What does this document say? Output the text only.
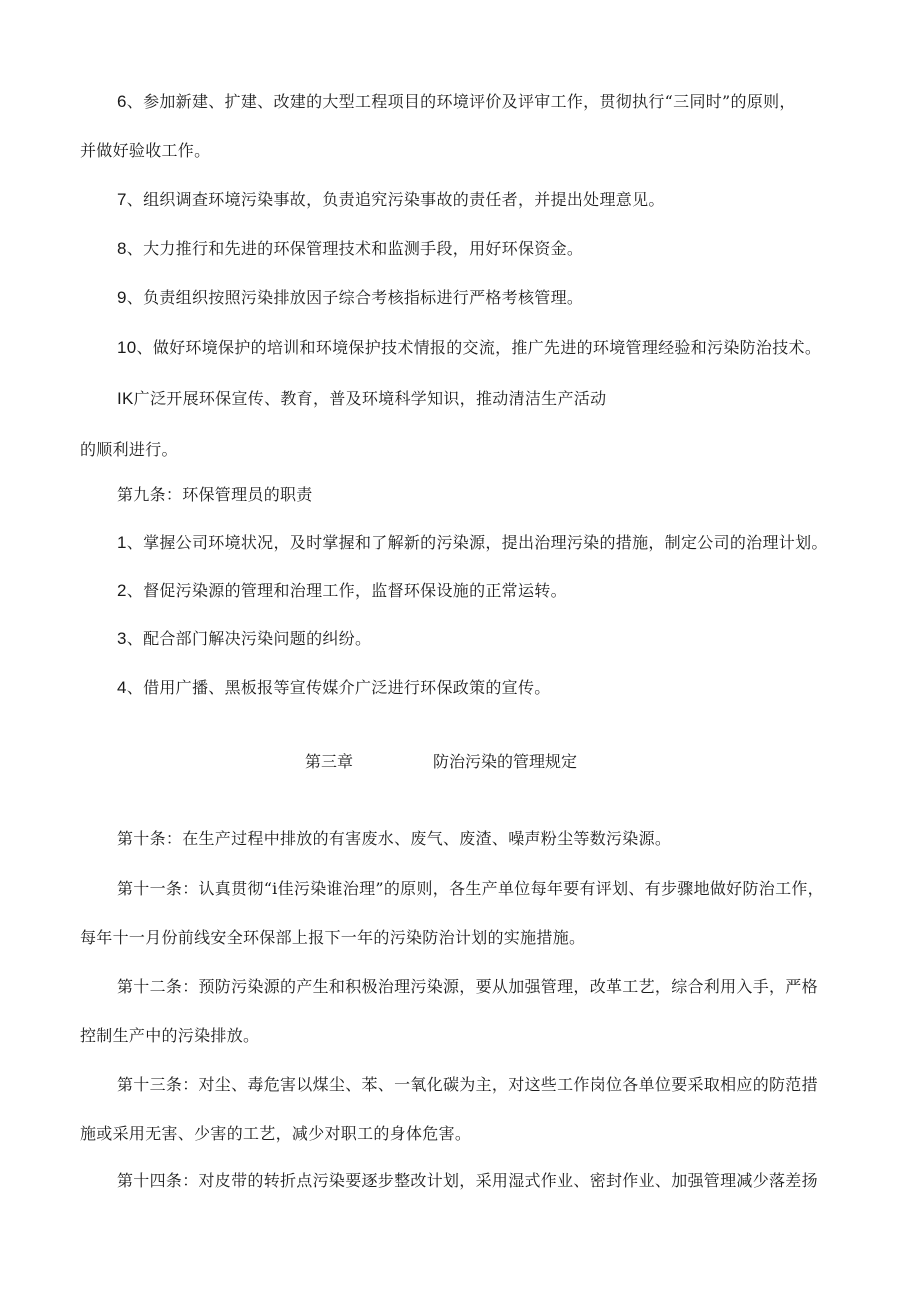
6、参加新建、扩建、改建的大型工程项目的环境评价及评审工作，贯彻执行“三同时”的原则，
并做好验收工作。
7、组织调查环境污染事故，负责追究污染事故的责任者，并提出处理意见。
8、大力推行和先进的环保管理技术和监测手段，用好环保资金。
9、负责组织按照污染排放因子综合考核指标进行严格考核管理。
10、做好环境保护的培训和环境保护技术情报的交流，推广先进的环境管理经验和污染防治技术。
IK广泛开展环保宣传、教育，普及环境科学知识，推动清洁生产活动
的顺利进行。
第九条：环保管理员的职责
1、掌握公司环境状况，及时掌握和了解新的污染源，提出治理污染的措施，制定公司的治理计划。
2、督促污染源的管理和治理工作，监督环保设施的正常运转。
3、配合部门解决污染问题的纠纷。
4、借用广播、黑板报等宣传媒介广泛进行环保政策的宣传。
第三章	防治污染的管理规定
第十条：在生产过程中排放的有害废水、废气、废渣、噪声粉尘等数污染源。
第十一条：认真贯彻“i佳污染谁治理”的原则，各生产单位每年要有评划、有步骤地做好防治工作，
每年十一月份前线安全环保部上报下一年的污染防治计划的实施措施。
第十二条：预防污染源的产生和积极治理污染源，要从加强管理，改革工艺，综合利用入手，严格
控制生产中的污染排放。
第十三条：对尘、毒危害以煤尘、苯、一氧化碳为主，对这些工作岗位各单位要采取相应的防范措
施或采用无害、少害的工艺，减少对职工的身体危害。
第十四条：对皮带的转折点污染要逐步整改计划，采用湿式作业、密封作业、加强管理减少落差扬
